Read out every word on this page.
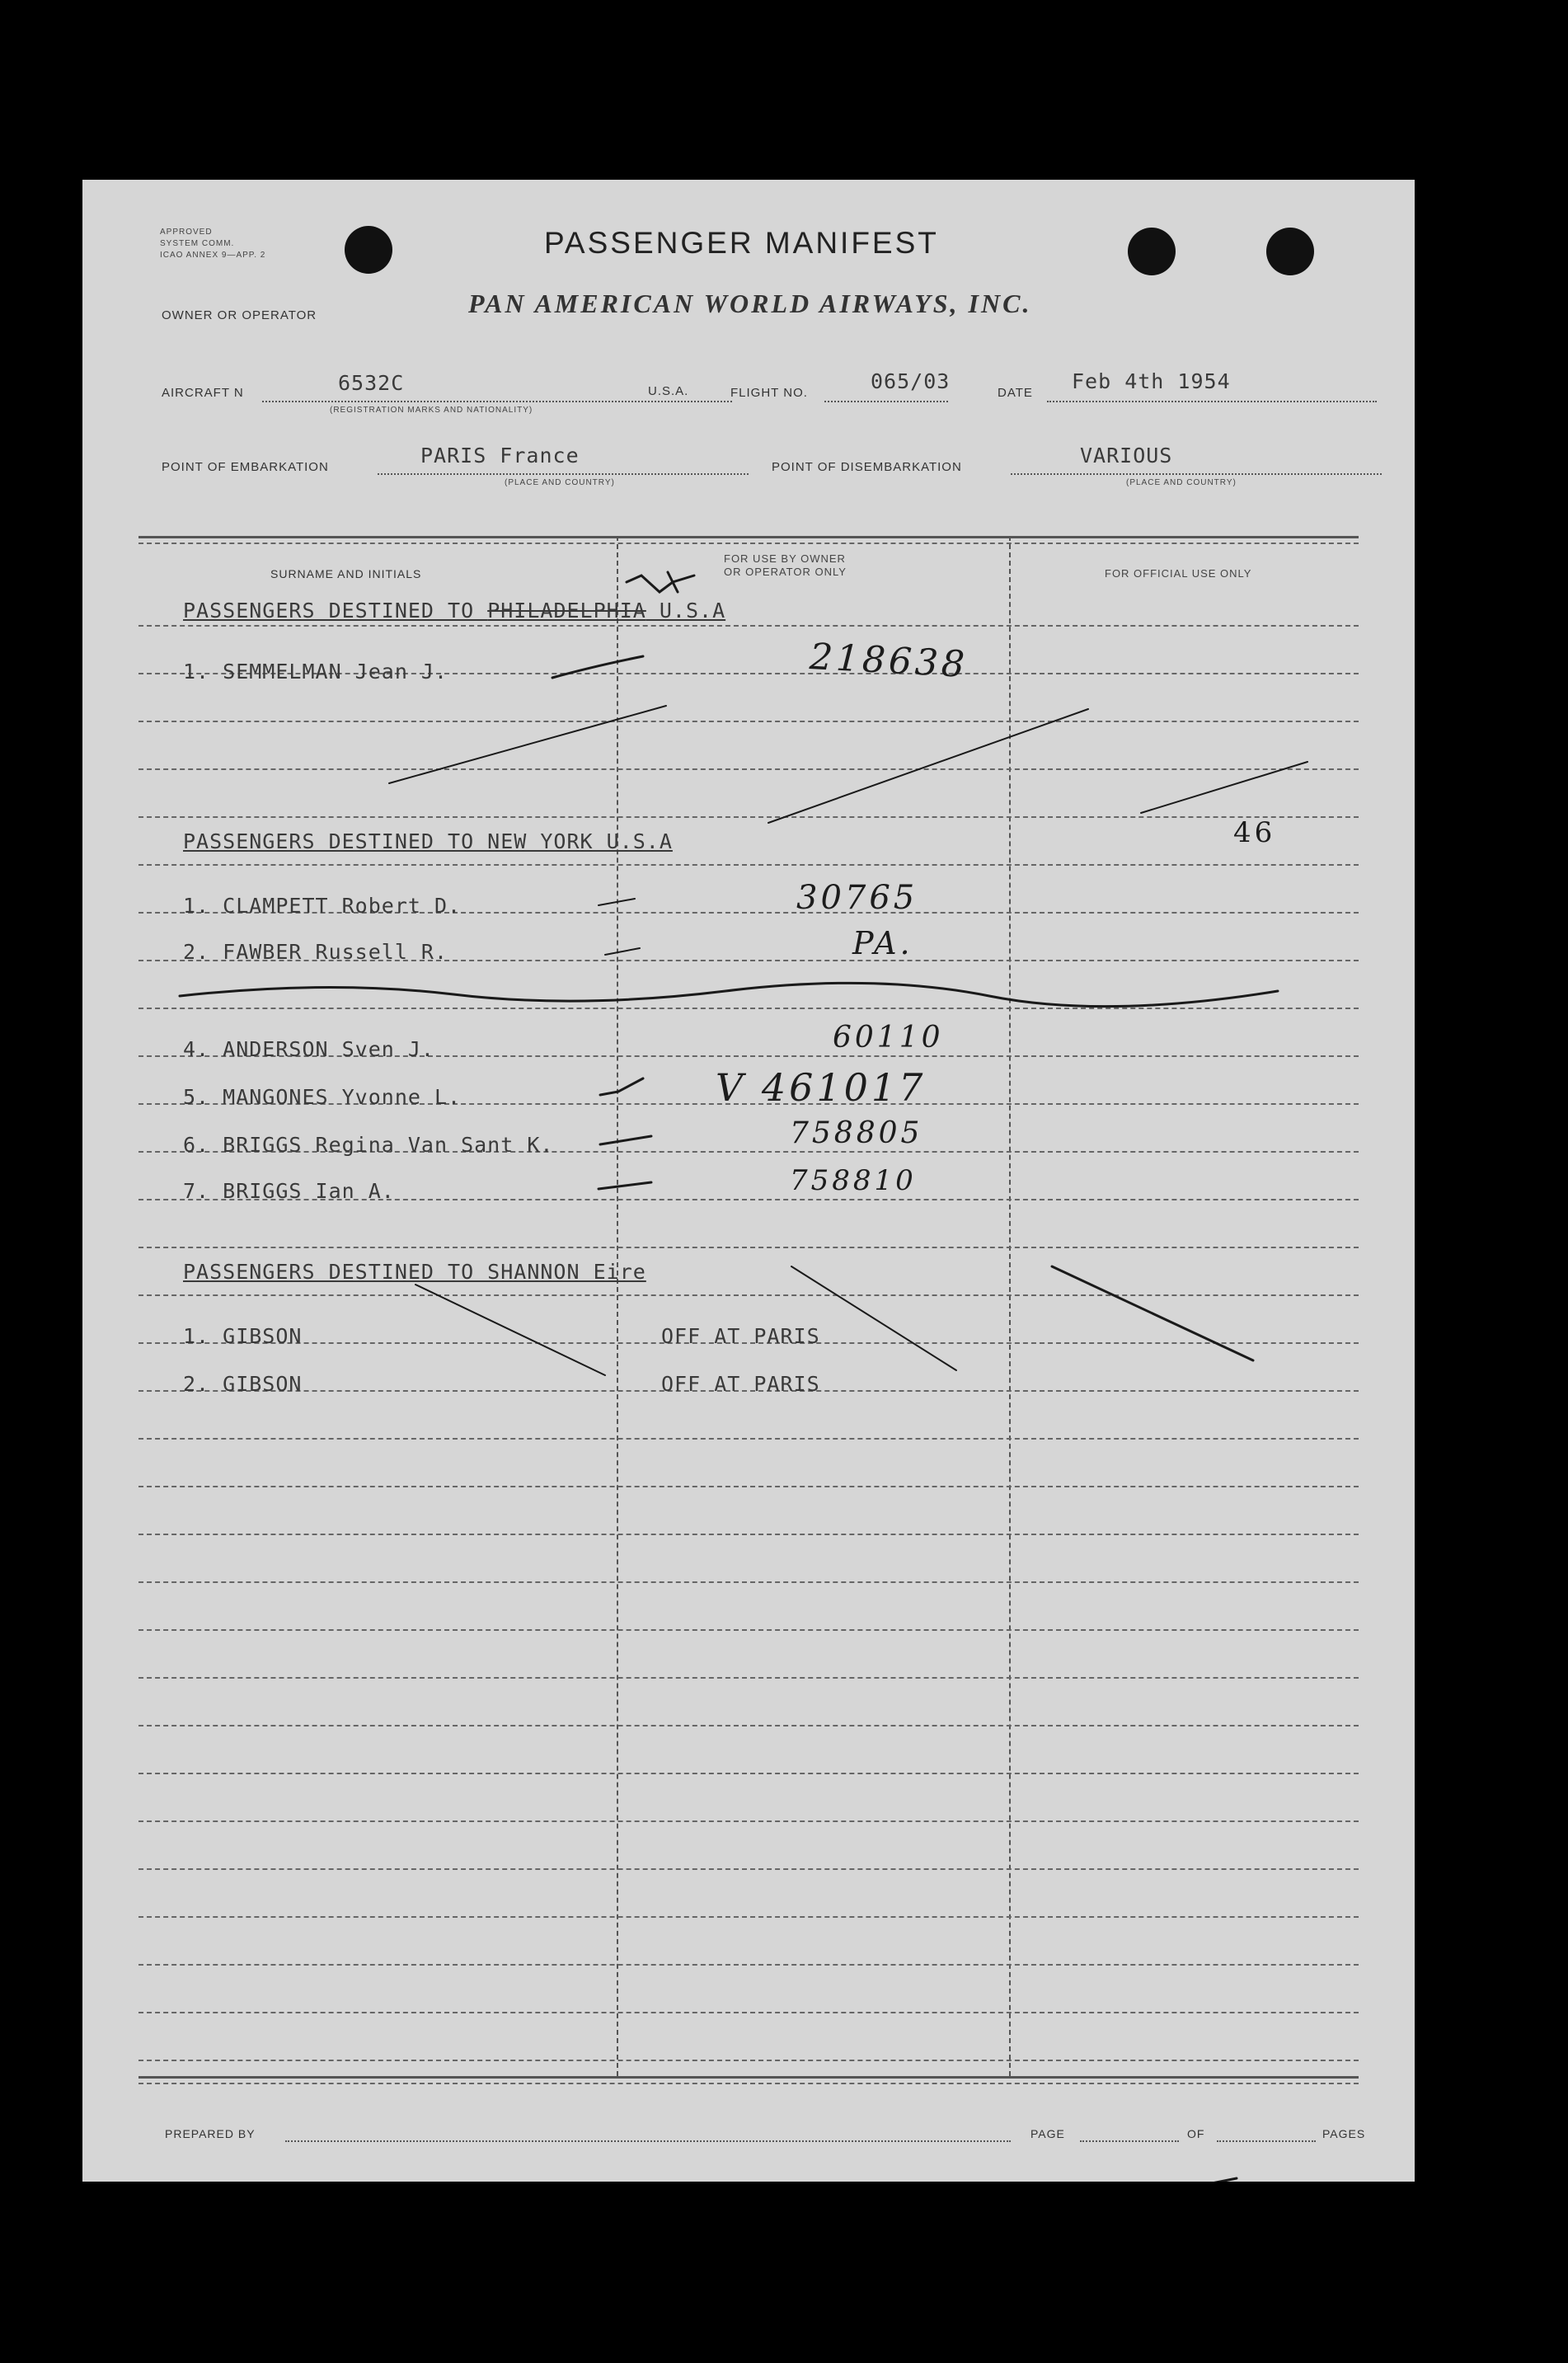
APPROVED
SYSTEM COMM.
ICAO ANNEX 9—APP. 2	PASSENGER MANIFEST
OWNER OR OPERATOR	PAN AMERICAN WORLD AIRWAYS, INC.
AIRCRAFT N	6532C
(REGISTRATION MARKS AND NATIONALITY)
U.S.A.	FLIGHT NO.	065/03	DATE Feb 4th 1954
POINT OF EMBARKATION	PARIS France
(PLACE AND COUNTRY)
POINT OF DISEMBARKATION	VARIOUS
(PLACE AND COUNTRY)
SURNAME AND INITIALS
FOR USE BY OWNER
OR OPERATOR ONLY	FOR OFFICIAL USE ONLY
PASSENGERS DESTINED TO PHILADELPHIA U.S.A
1. SEMMELMAN Jean J.	218638
PASSENGERS DESTINED TO NEW YORK U.S.A	46
1. CLAMPETT Robert D.	30765
2. FAWBER Russell R.	PA.
4. ANDERSON Sven J.	60110
5. MANGONES Yvonne L.	V 461017
6. BRIGGS Regina Van Sant K.	758805
7. BRIGGS Ian A.	758810
PASSENGERS DESTINED TO SHANNON Eire
1. GIBSON	OFF AT PARIS
2. GIBSON	OFF AT PARIS
PREPARED BY	PAGE	OF	PAGES
